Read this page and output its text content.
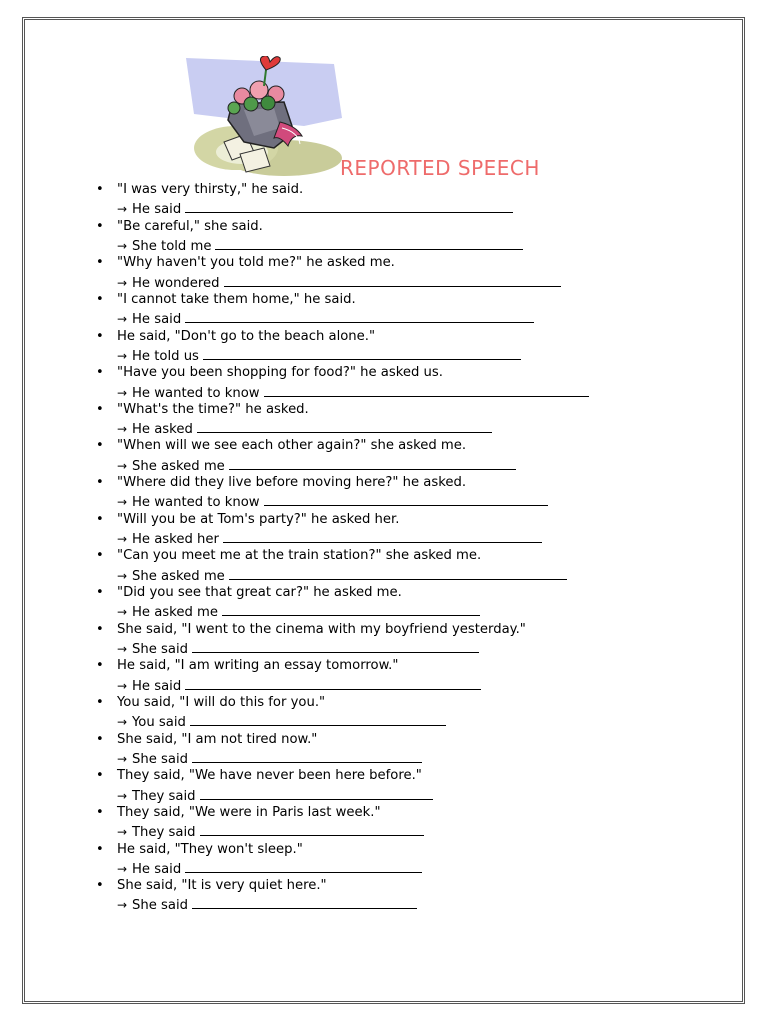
REPORTED SPEECH
• "I was very thirsty," he said.
→ He said
• "Be careful," she said.
→ She told me
• "Why haven't you told me?" he asked me.
→ He wondered
• "I cannot take them home," he said.
→ He said
• He said, "Don't go to the beach alone."
→ He told us
• "Have you been shopping for food?" he asked us.
→ He wanted to know
• "What's the time?" he asked.
→ He asked
• "When will we see each other again?" she asked me.
→ She asked me
• "Where did they live before moving here?" he asked.
→ He wanted to know
• "Will you be at Tom's party?" he asked her.
→ He asked her
• "Can you meet me at the train station?" she asked me.
→ She asked me
• "Did you see that great car?" he asked me.
→ He asked me
• She said, "I went to the cinema with my boyfriend yesterday."
→ She said
• He said, "I am writing an essay tomorrow."
→ He said
• You said, "I will do this for you."
→ You said
• She said, "I am not tired now."
→ She said
• They said, "We have never been here before."
→ They said
• They said, "We were in Paris last week."
→ They said
• He said, "They won't sleep."
→ He said
• She said, "It is very quiet here."
→ She said
